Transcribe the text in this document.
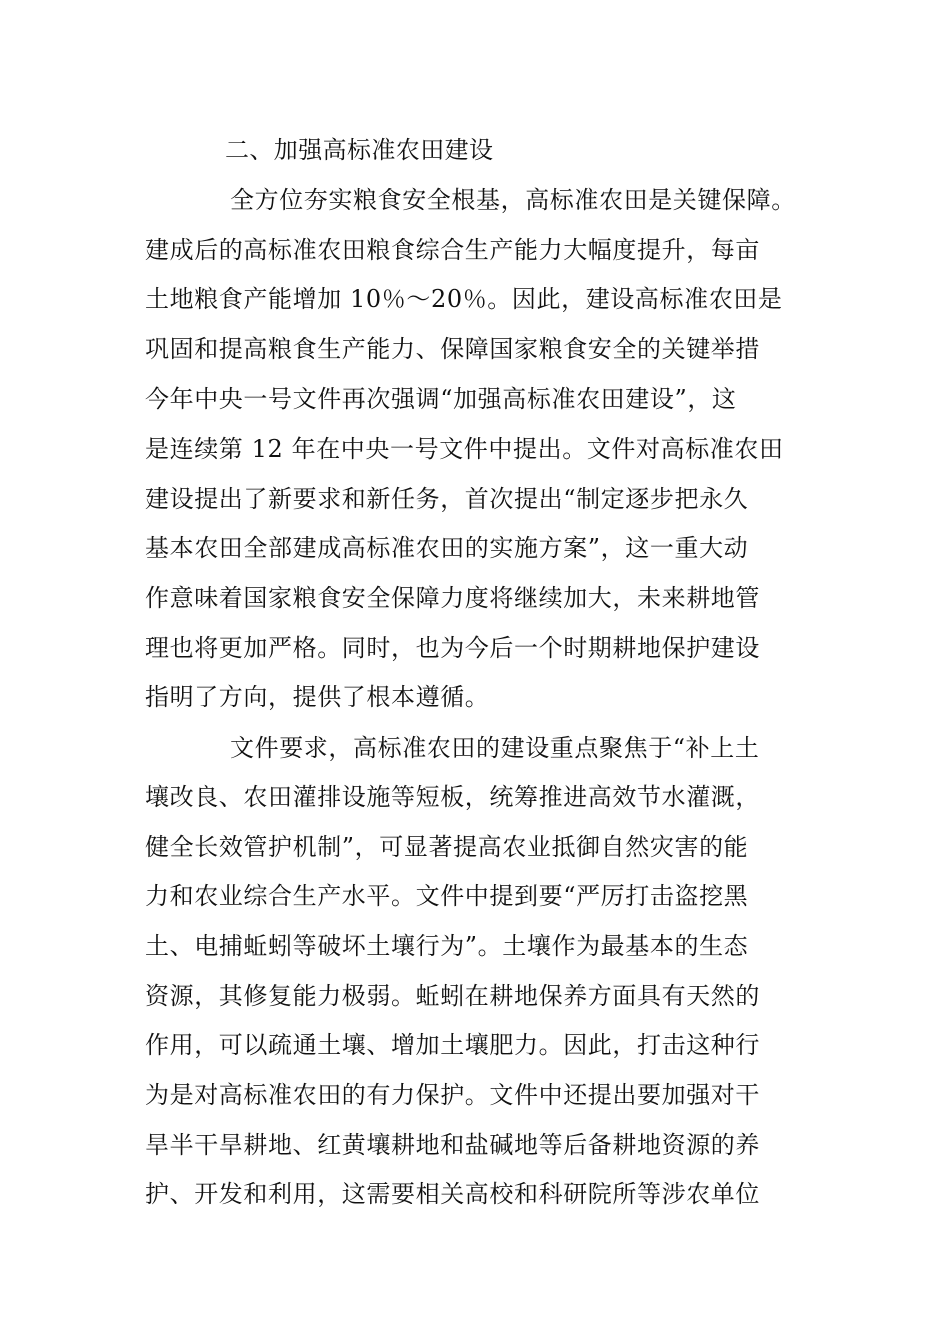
二、加强高标准农田建设
全方位夯实粮食安全根基，高标准农田是关键保障。
建成后的高标准农田粮食综合生产能力大幅度提升，每亩
土地粮食产能增加 10％～20％。因此，建设高标准农田是
巩固和提高粮食生产能力、保障国家粮食安全的关键举措
今年中央一号文件再次强调“加强高标准农田建设”，这
是连续第 12 年在中央一号文件中提出。文件对高标准农田
建设提出了新要求和新任务，首次提出“制定逐步把永久
基本农田全部建成高标准农田的实施方案”，这一重大动
作意味着国家粮食安全保障力度将继续加大，未来耕地管
理也将更加严格。同时，也为今后一个时期耕地保护建设
指明了方向，提供了根本遵循。
文件要求，高标准农田的建设重点聚焦于“补上土
壤改良、农田灌排设施等短板，统筹推进高效节水灌溉，
健全长效管护机制”，可显著提高农业抵御自然灾害的能
力和农业综合生产水平。文件中提到要“严厉打击盗挖黑
土、电捕蚯蚓等破坏土壤行为”。土壤作为最基本的生态
资源，其修复能力极弱。蚯蚓在耕地保养方面具有天然的
作用，可以疏通土壤、增加土壤肥力。因此，打击这种行
为是对高标准农田的有力保护。文件中还提出要加强对干
旱半干旱耕地、红黄壤耕地和盐碱地等后备耕地资源的养
护、开发和利用，这需要相关高校和科研院所等涉农单位
